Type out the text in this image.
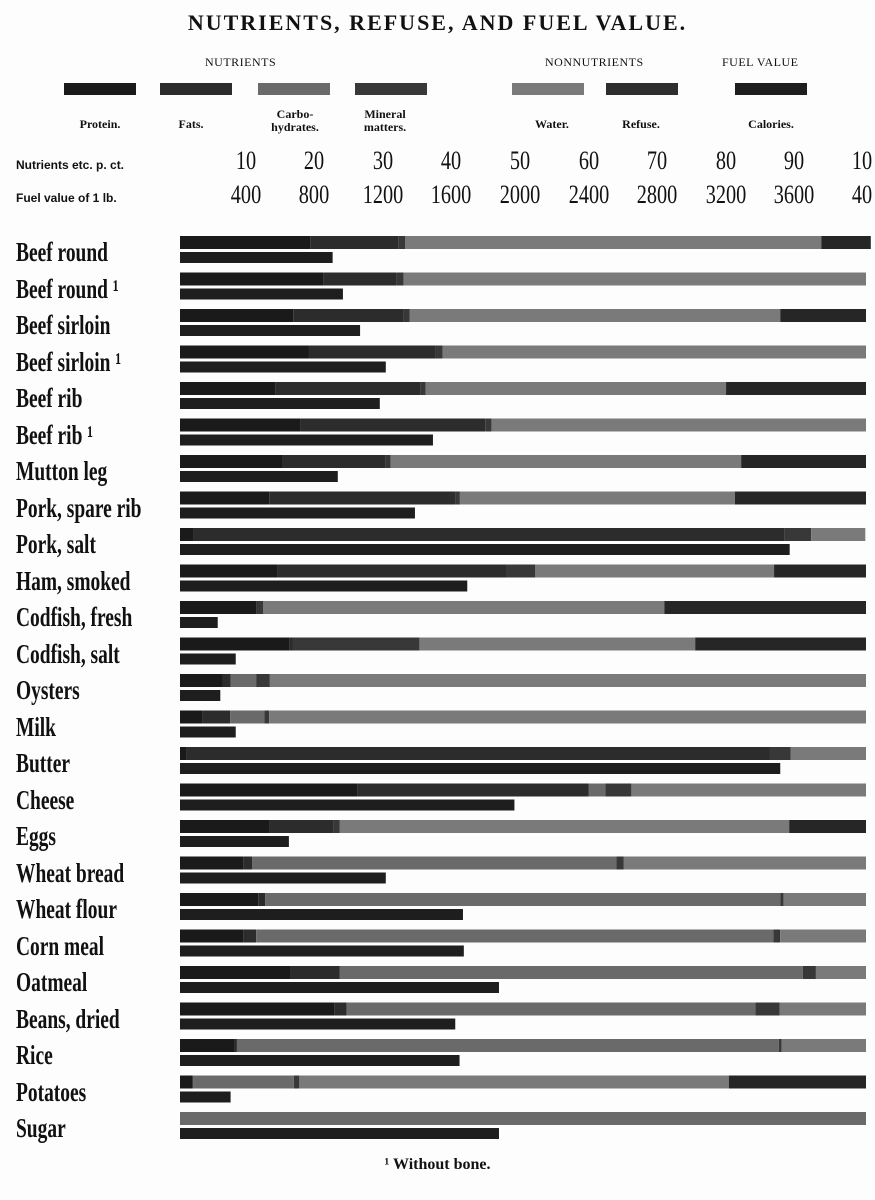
NUTRIENTS, REFUSE, AND FUEL VALUE.
NUTRIENTS	NONNUTRIENTS	FUEL VALUE
Protein.	Fats.
Carbo-
hydrates.
Mineral
matters.	Water.	Refuse.	Calories.
Nutrients etc. p. ct.
Fuel value of 1 lb.
10 20 30 40 50 60 70 80 90 10
400 800 1200 1600 2000 2400 2800 3200 3600 40
Beef round
Beef round ¹
Beef sirloin
Beef sirloin ¹
Beef rib
Beef rib ¹
Mutton leg
Pork, spare rib
Pork, salt
Ham, smoked
Codfish, fresh
Codfish, salt
Oysters
Milk
Butter
Cheese
Eggs
Wheat bread
Wheat flour
Corn meal
Oatmeal
Beans, dried
Rice
Potatoes
Sugar
¹ Without bone.
